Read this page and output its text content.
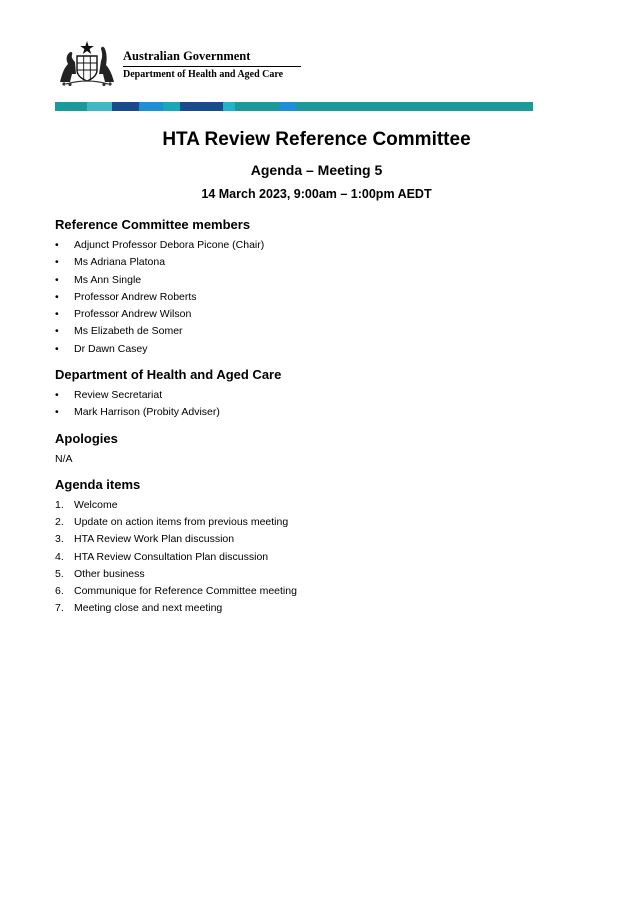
Australian Government
Department of Health and Aged Care
HTA Review Reference Committee
Agenda – Meeting 5
14 March 2023, 9:00am – 1:00pm AEDT
Reference Committee members
•	Adjunct Professor Debora Picone (Chair)
•	Ms Adriana Platona
•	Ms Ann Single
•	Professor Andrew Roberts
•	Professor Andrew Wilson
•	Ms Elizabeth de Somer
•	Dr Dawn Casey
Department of Health and Aged Care
•	Review Secretariat
•	Mark Harrison (Probity Adviser)
Apologies

N/A

Agenda items
1. Welcome
2. Update on action items from previous meeting
3. HTA Review Work Plan discussion
4. HTA Review Consultation Plan discussion
5. Other business
6. Communique for Reference Committee meeting
7. Meeting close and next meeting
